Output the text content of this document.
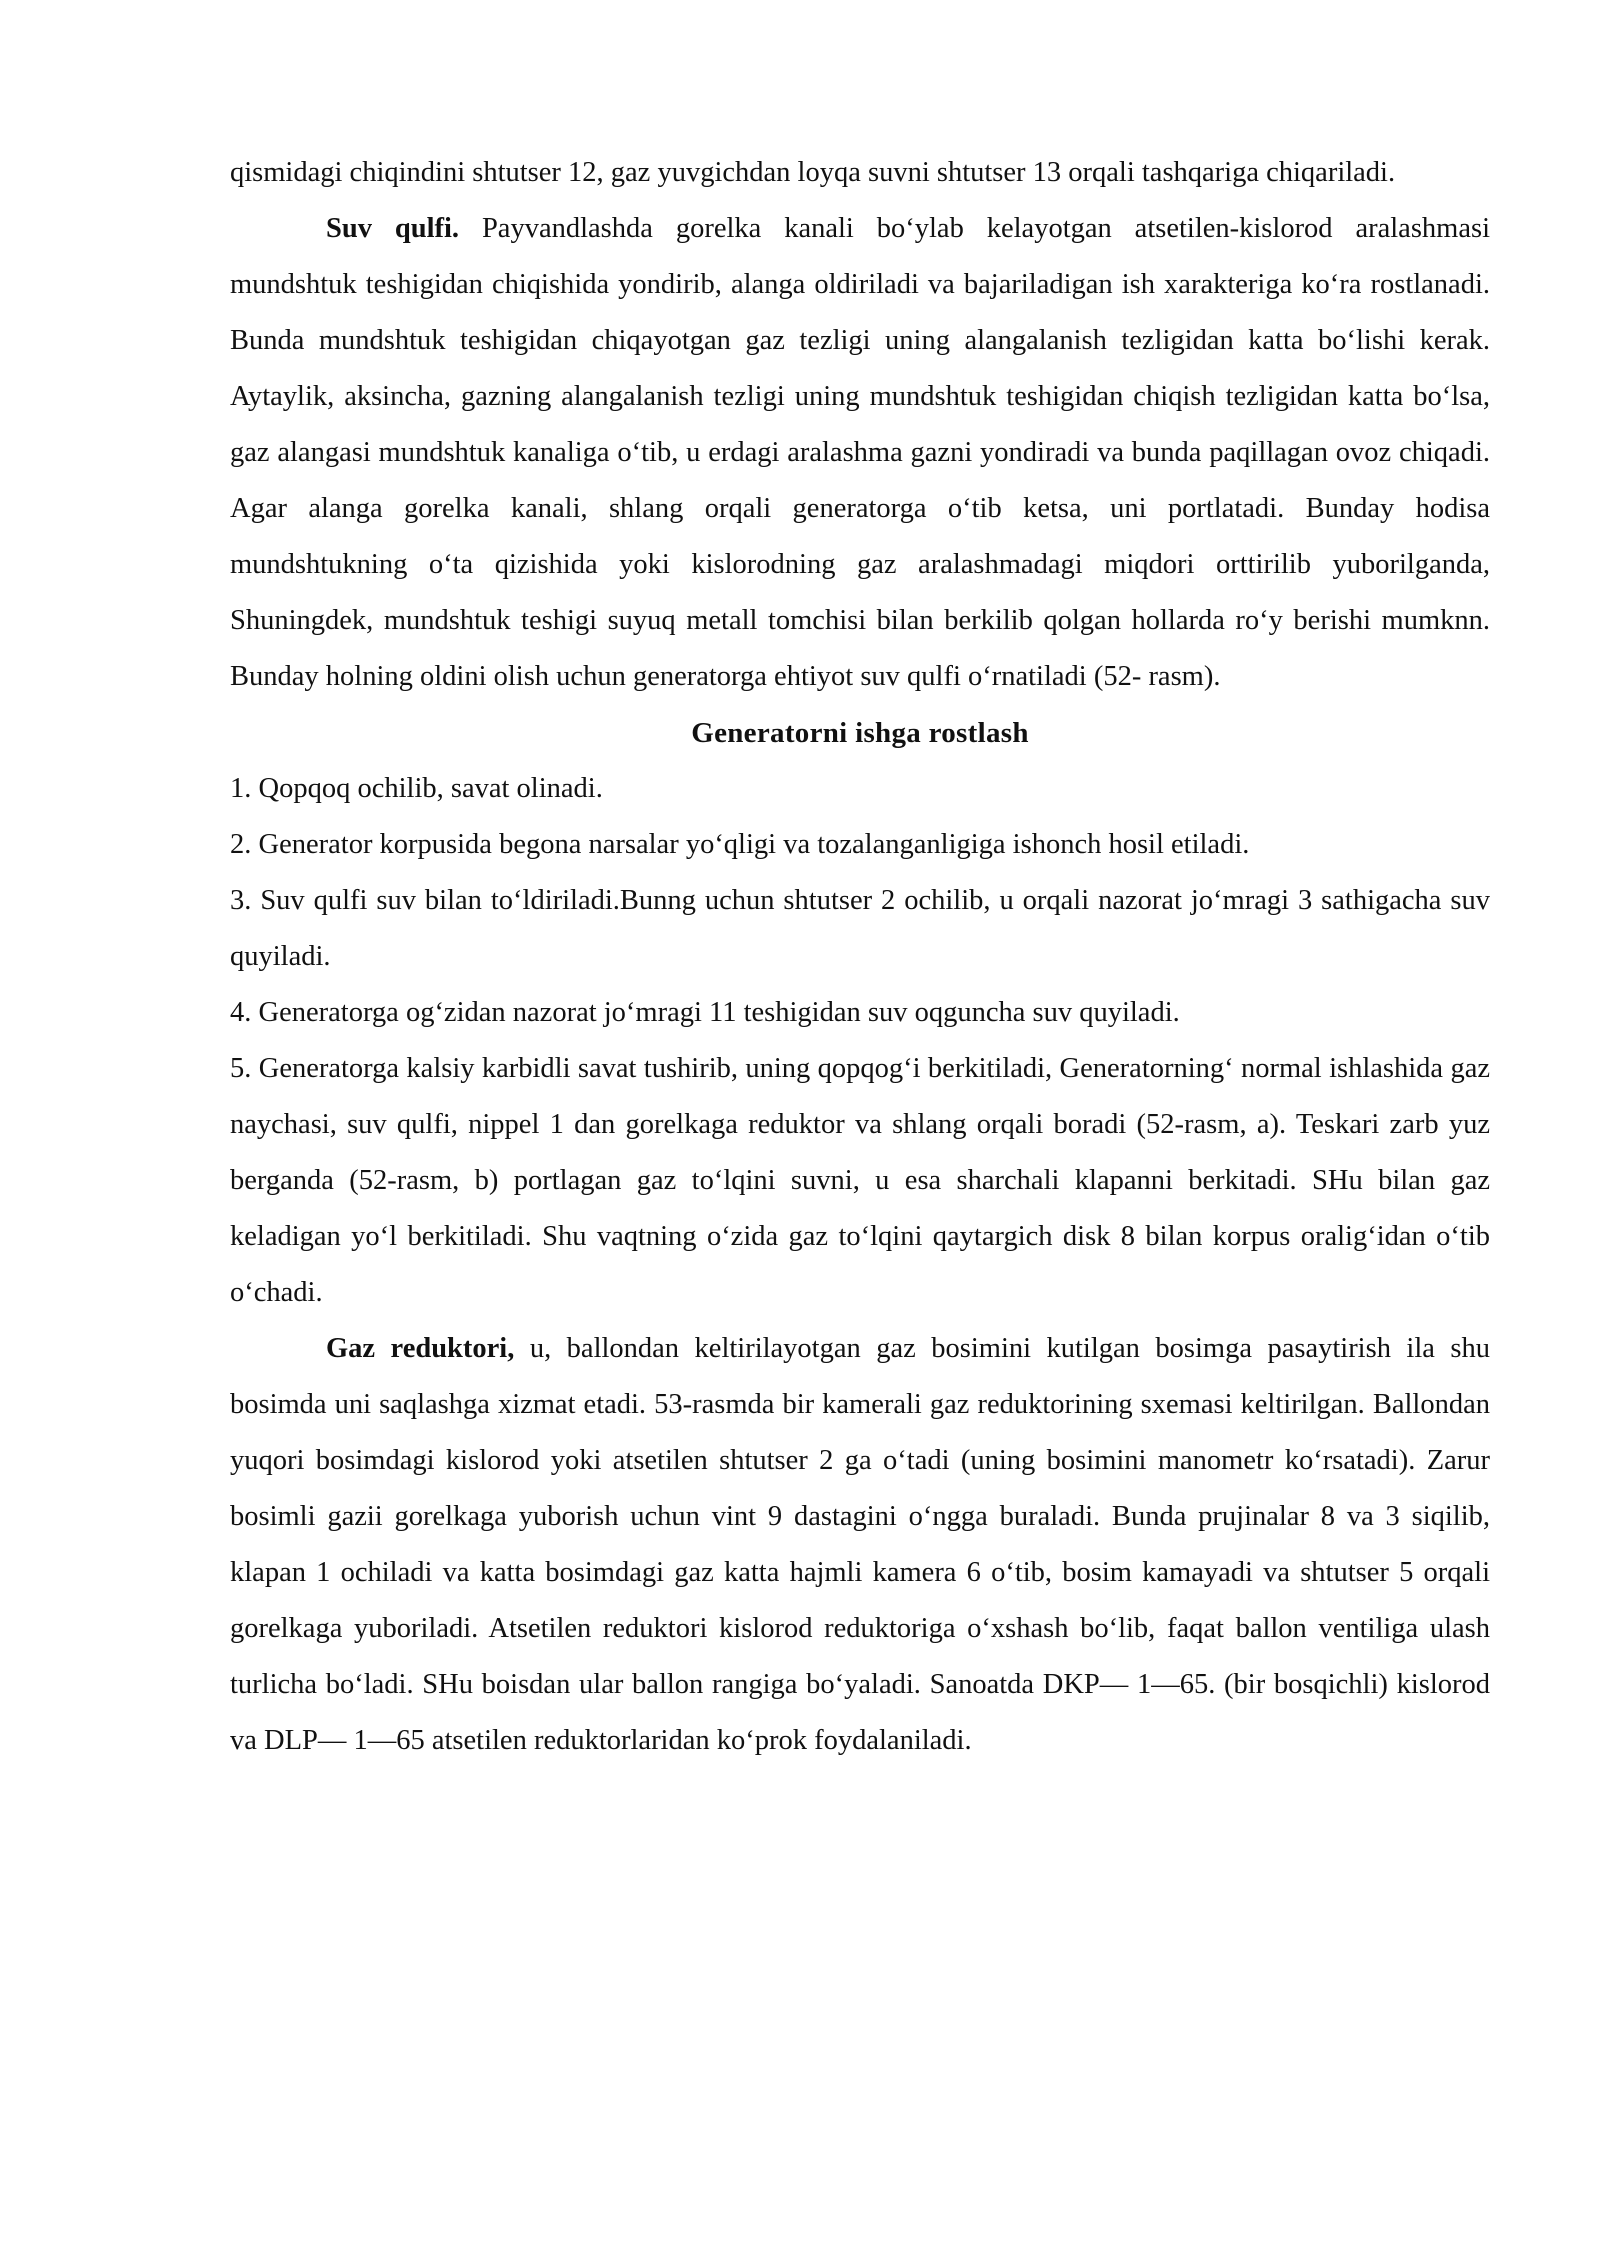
qismidagi chiqindini shtutser 12, gaz yuvgichdan loyqa suvni shtutser 13 orqali tashqariga chiqariladi.

Suv qulfi. Payvandlashda gorelka kanali bo‘ylab kelayotgan atsetilen-kislorod aralashmasi mundshtuk teshigidan chiqishida yondirib, alanga oldiriladi va bajariladigan ish xarakteriga ko‘ra rostlanadi. Bunda mundshtuk teshigidan chiqayotgan gaz tezligi uning alangalanish tezligidan katta bo‘lishi kerak. Aytaylik, aksincha, gazning alangalanish tezligi uning mundshtuk teshigidan chiqish tezligidan katta bo‘lsa, gaz alangasi mundshtuk kanaliga o‘tib, u erdagi aralashma gazni yondiradi va bunda paqillagan ovoz chiqadi. Agar alanga gorelka kanali, shlang orqali generatorga o‘tib ketsa, uni portlatadi. Bunday hodisa mundshtukning o‘ta qizishida yoki kislorodning gaz aralashmadagi miqdori orttirilib yuborilganda, Shuningdek, mundshtuk teshigi suyuq metall tomchisi bilan berkilib qolgan hollarda ro‘y berishi mumknn. Bunday holning oldini olish uchun generatorga ehtiyot suv qulfi o‘rnatiladi (52- rasm).

Generatorni ishga rostlash

1. Qopqoq ochilib, savat olinadi.

2. Generator korpusida begona narsalar yo‘qligi va tozalanganligiga ishonch hosil etiladi.

3. Suv qulfi suv bilan to‘ldiriladi.Bunng uchun shtutser 2 ochilib, u orqali nazorat jo‘mragi 3 sathigacha suv quyiladi.

4. Generatorga og‘zidan nazorat jo‘mragi 11 teshigidan suv oqguncha suv quyiladi.

5. Generatorga kalsiy karbidli savat tushirib, uning qopqog‘i berkitiladi, Generatorning‘ normal ishlashida gaz naychasi, suv qulfi, nippel 1 dan gorelkaga reduktor va shlang orqali boradi (52-rasm, a). Teskari zarb yuz berganda (52-rasm, b) portlagan gaz to‘lqini suvni, u esa sharchali klapanni berkitadi. SHu bilan gaz keladigan yo‘l berkitiladi. Shu vaqtning o‘zida gaz to‘lqini qaytargich disk 8 bilan korpus oralig‘idan o‘tib o‘chadi.

Gaz reduktori, u, ballondan keltirilayotgan gaz bosimini kutilgan bosimga pasaytirish ila shu bosimda uni saqlashga xizmat etadi. 53-rasmda bir kamerali gaz reduktorining sxemasi keltirilgan. Ballondan yuqori bosimdagi kislorod yoki atsetilen shtutser 2 ga o‘tadi (uning bosimini manometr ko‘rsatadi). Zarur bosimli gazii gorelkaga yuborish uchun vint 9 dastagini o‘ngga buraladi. Bunda prujinalar 8 va 3 siqilib, klapan 1 ochiladi va katta bosimdagi gaz katta hajmli kamera 6 o‘tib, bosim kamayadi va shtutser 5 orqali gorelkaga yuboriladi. Atsetilen reduktori kislorod reduktoriga o‘xshash bo‘lib, faqat ballon ventiliga ulash turlicha bo‘ladi. SHu boisdan ular ballon rangiga bo‘yaladi. Sanoatda DKP— 1—65. (bir bosqichli) kislorod va DLP— 1—65 atsetilen reduktorlaridan ko‘prok foydalaniladi.
